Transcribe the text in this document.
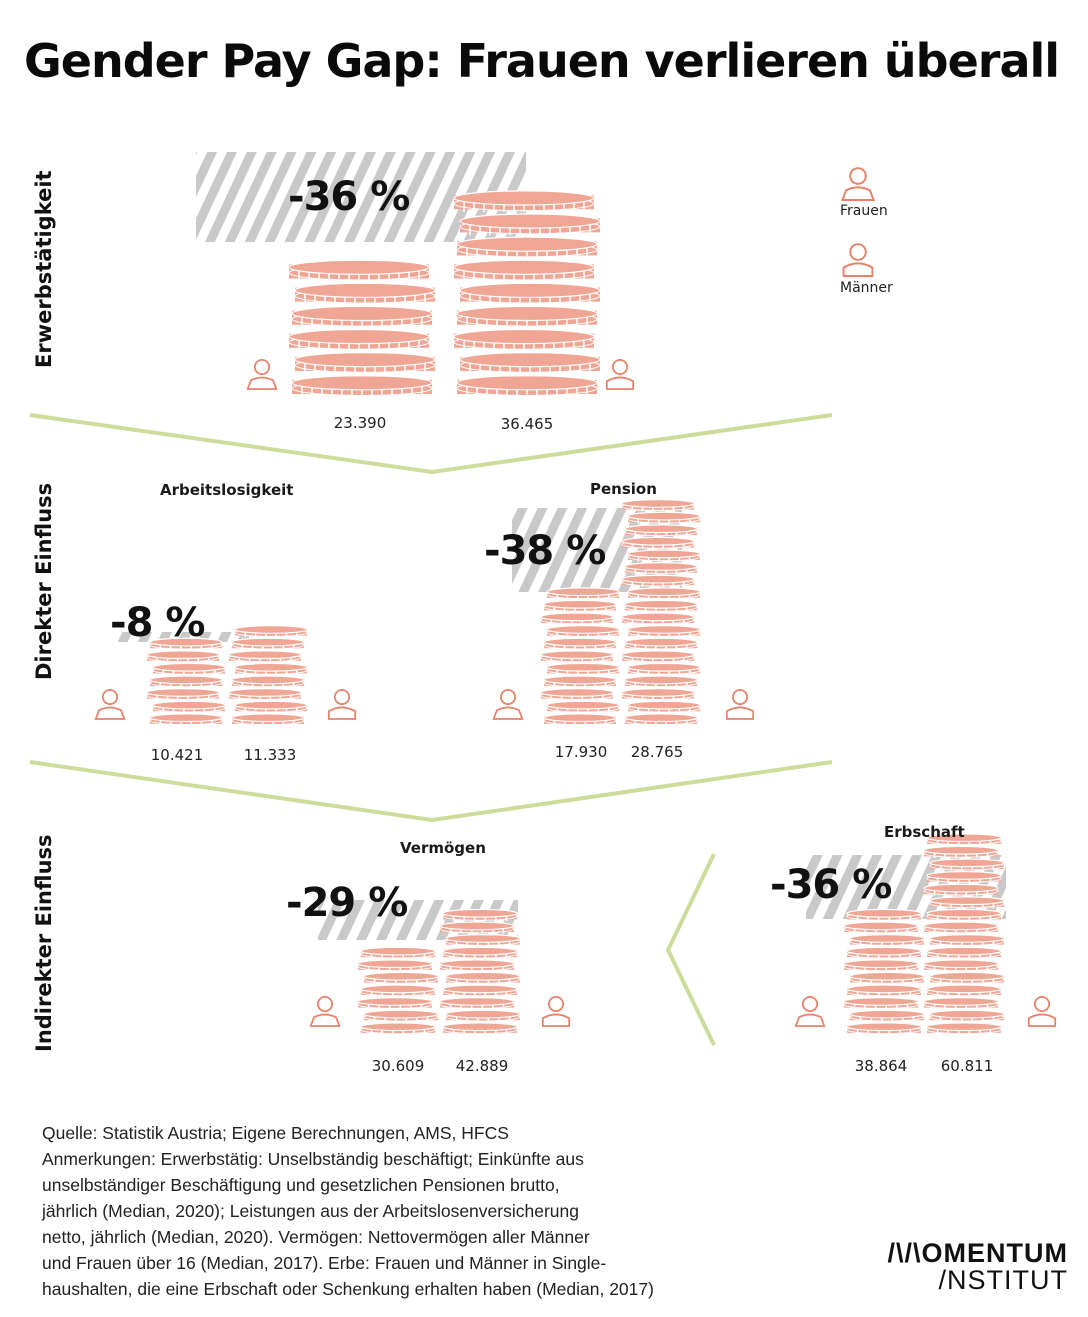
Gender Pay Gap: Frauen verlieren überall
Erwerbstätigkeit
Direkter Einfluss
Indirekter Einfluss
Frauen
Männer
Arbeitslosigkeit	Pension
Vermögen
Erbschaft
-36 %
-8 %
-38 %
-29 %	-36 %
23.390	36.465
10.421	11.333	17.930 28.765
30.609 42.889	38.864 60.811
Quelle: Statistik Austria; Eigene Berechnungen, AMS, HFCS
Anmerkungen: Erwerbstätig: Unselbständig beschäftigt; Einkünfte aus
unselbständiger Beschäftigung und gesetzlichen Pensionen brutto,
jährlich (Median, 2020); Leistungen aus der Arbeitslosenversicherung
netto, jährlich (Median, 2020). Vermögen: Nettovermögen aller Männer
und Frauen über 16 (Median, 2017). Erbe: Frauen und Männer in Single-
haushalten, die eine Erbschaft oder Schenkung erhalten haben (Median, 2017)
/\/\OMENTUM
/NSTITUT
